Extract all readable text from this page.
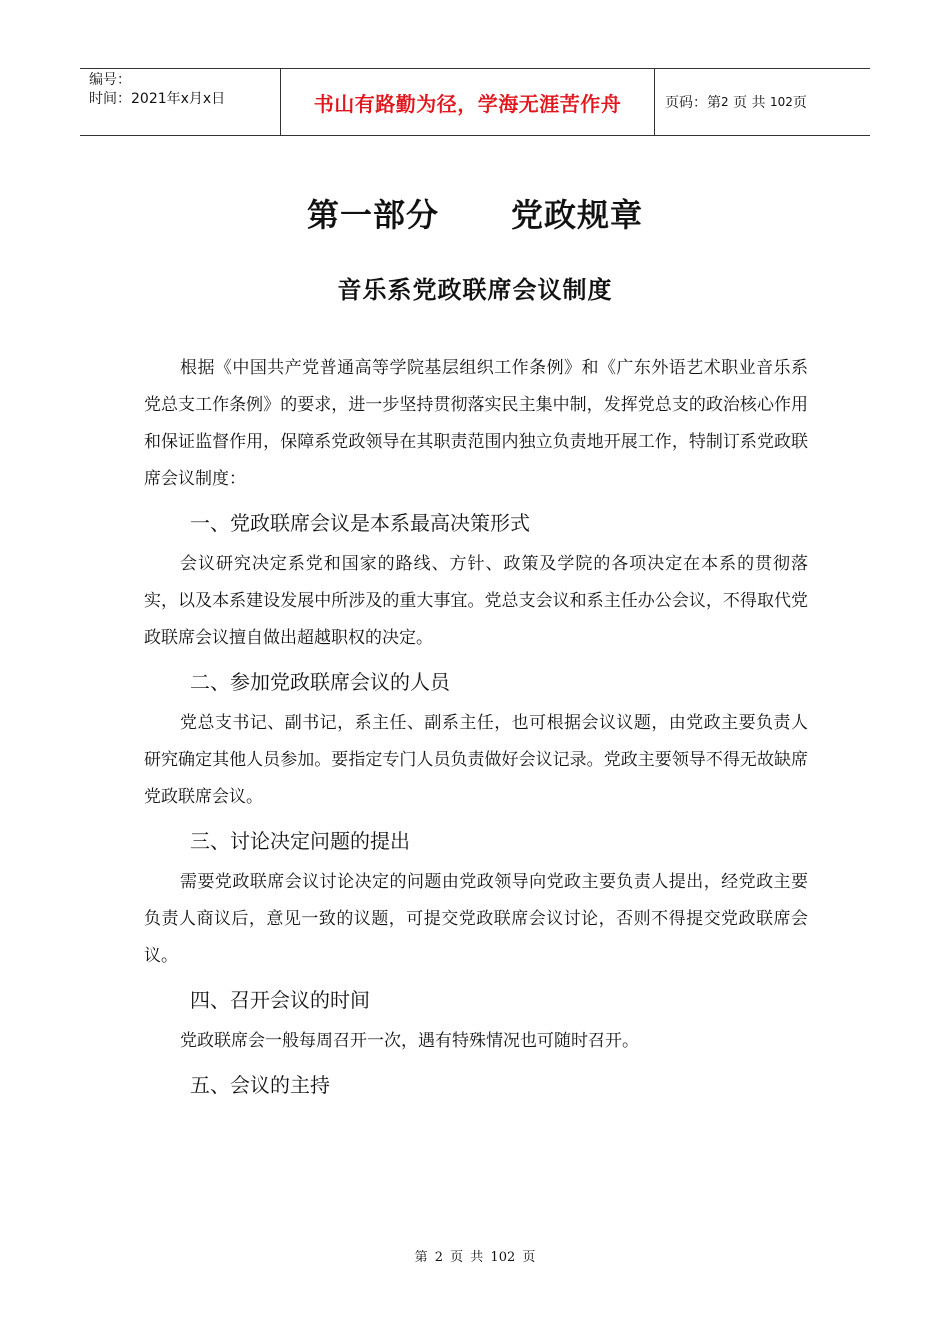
编号：
时间：2021年x月x日	书山有路勤为径，学海无涯苦作舟	页码：第 2
页 共
102 页
第一部分 党政规章
音乐系党政联席会议制度

根据《中国共产党普通高等学院基层组织工作条例》和《广东外语艺术职业音乐系党总支工作条例》的要求，进一步坚持贯彻落实民主集中制，发挥党总支的政治核心作用和保证监督作用，保障系党政领导在其职责范围内独立负责地开展工作，特制订系党政联席会议制度：

一、党政联席会议是本系最高决策形式

会议研究决定系党和国家的路线、方针、政策及学院的各项决定在本系的贯彻落实，以及本系建设发展中所涉及的重大事宜。党总支会议和系主任办公会议，不得取代党政联席会议擅自做出超越职权的决定。

二、参加党政联席会议的人员

党总支书记、副书记，系主任、副系主任，也可根据会议议题，由党政主要负责人研究确定其他人员参加。要指定专门人员负责做好会议记录。党政主要领导不得无故缺席党政联席会议。

三、讨论决定问题的提出

需要党政联席会议讨论决定的问题由党政领导向党政主要负责人提出，经党政主要负责人商议后，意见一致的议题，可提交党政联席会议讨论，否则不得提交党政联席会议。

四、召开会议的时间

党政联席会一般每周召开一次，遇有特殊情况也可随时召开。

五、会议的主持
第 2 页 共 102 页
